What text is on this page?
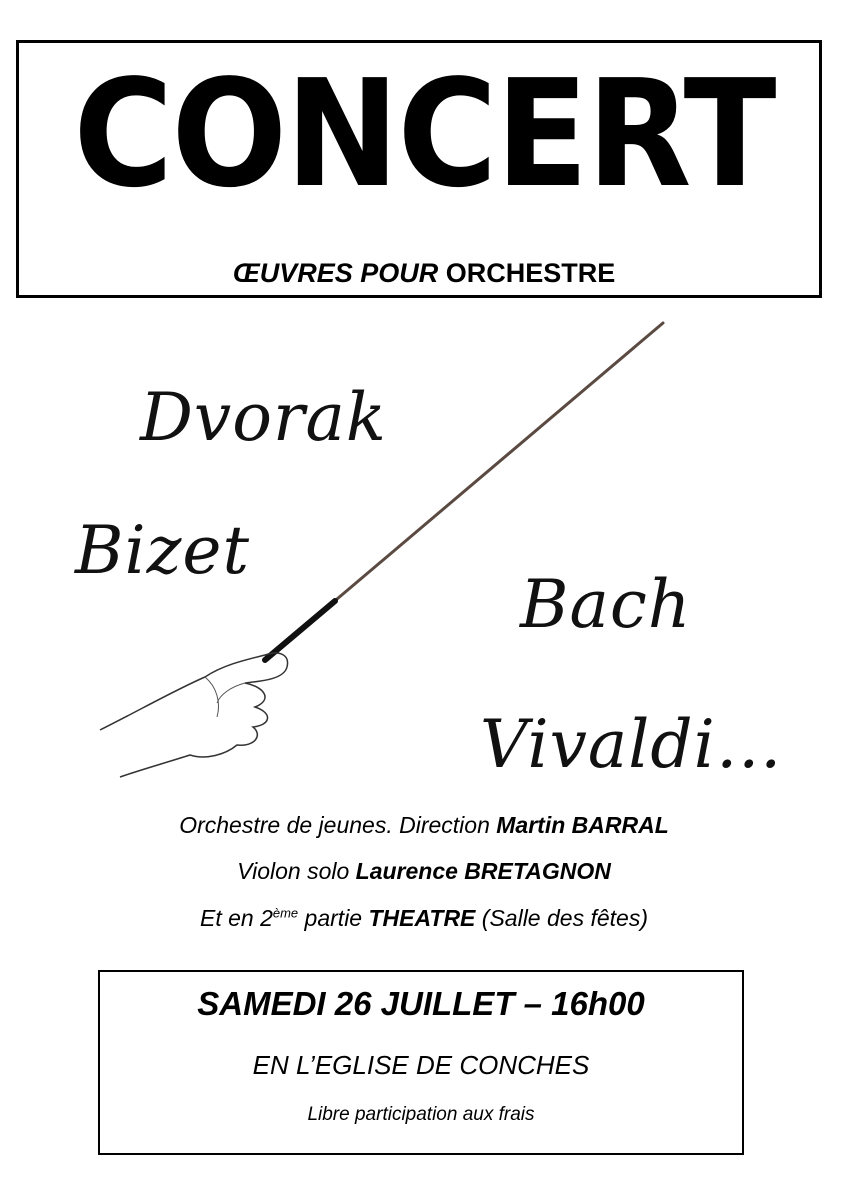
CONCERT
ŒUVRES POUR ORCHESTRE
Dvorak
Bizet
Bach
Vivaldi…
Orchestre de jeunes. Direction Martin BARRAL
Violon solo Laurence BRETAGNON
Et en 2ème partie THEATRE (Salle des fêtes)
SAMEDI 26 JUILLET – 16h00
EN L’EGLISE DE CONCHES
Libre participation aux frais
